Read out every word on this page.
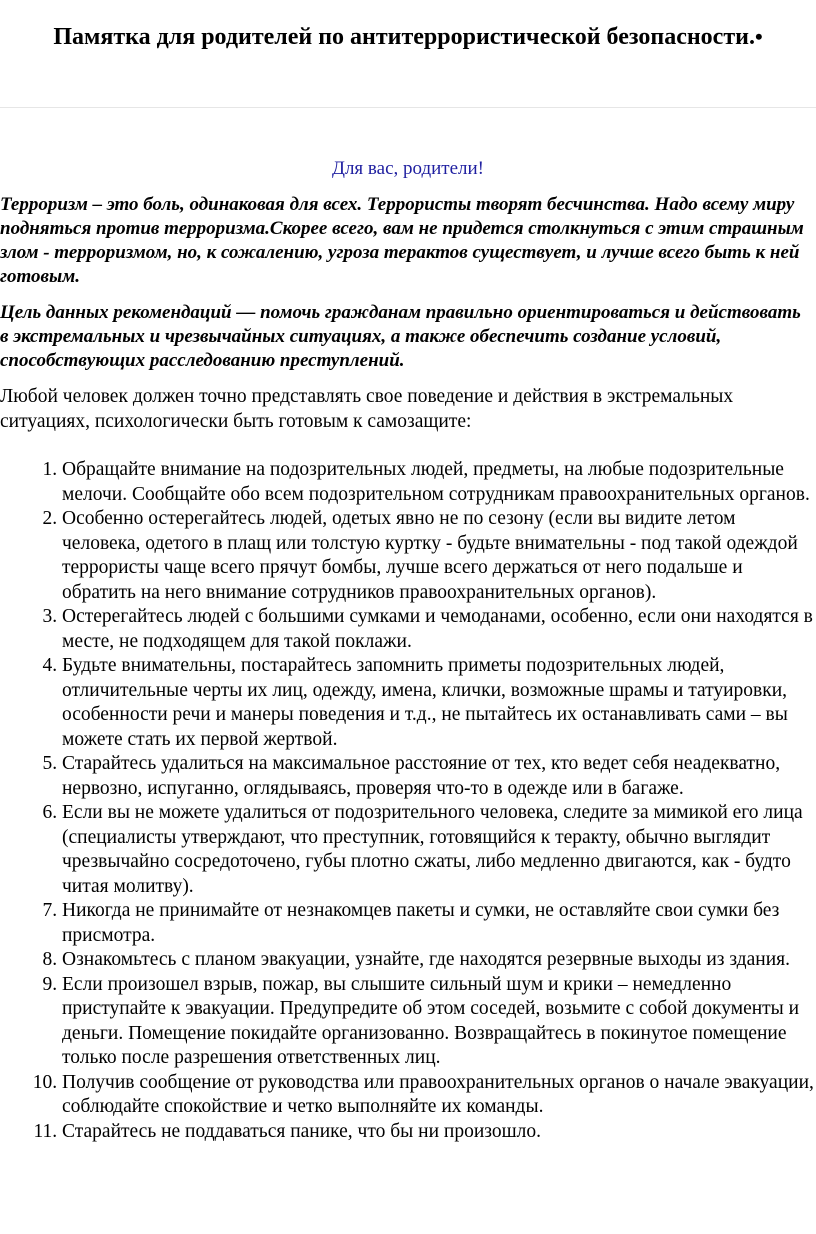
Памятка для родителей по антитеррористической безопасности.•

Для вас, родители!

Терроризм – это боль, одинаковая для всех. Террористы творят бесчинства. Надо всему миру подняться против терроризма.Скорее всего, вам не придется столкнуться с этим страшным злом - терроризмом, но, к сожалению, угроза терактов существует, и лучше всего быть к ней готовым.

Цель данных рекомендаций — помочь гражданам правильно ориентироваться и действовать в экстремальных и чрезвычайных ситуациях, а также обеспечить создание условий, способствующих расследованию преступлений.

Любой человек должен точно представлять свое поведение и действия в экстремальных ситуациях, психологически быть готовым к самозащите:

1. Обращайте внимание на подозрительных людей, предметы, на любые подозрительные мелочи. Сообщайте обо всем подозрительном сотрудникам правоохранительных органов.
2. Особенно остерегайтесь людей, одетых явно не по сезону (если вы видите летом человека, одетого в плащ или толстую куртку - будьте внимательны - под такой одеждой террористы чаще всего прячут бомбы, лучше всего держаться от него подальше и обратить на него внимание сотрудников правоохранительных органов).
3. Остерегайтесь людей с большими сумками и чемоданами, особенно, если они находятся в месте, не подходящем для такой поклажи.
4. Будьте внимательны, постарайтесь запомнить приметы подозрительных людей, отличительные черты их лиц, одежду, имена, клички, возможные шрамы и татуировки, особенности речи и манеры поведения и т.д., не пытайтесь их останавливать сами – вы можете стать их первой жертвой.
5. Старайтесь удалиться на максимальное расстояние от тех, кто ведет себя неадекватно, нервозно, испуганно, оглядываясь, проверяя что-то в одежде или в багаже.
6. Если вы не можете удалиться от подозрительного человека, следите за мимикой его лица (специалисты утверждают, что преступник, готовящийся к теракту, обычно выглядит чрезвычайно сосредоточено, губы плотно сжаты, либо медленно двигаются, как - будто читая молитву).
7. Никогда не принимайте от незнакомцев пакеты и сумки, не оставляйте свои сумки без присмотра.
8. Ознакомьтесь с планом эвакуации, узнайте, где находятся резервные выходы из здания.
9. Если произошел взрыв, пожар, вы слышите сильный шум и крики – немедленно приступайте к эвакуации. Предупредите об этом соседей, возьмите с собой документы и деньги. Помещение покидайте организованно. Возвращайтесь в покинутое помещение только после разрешения ответственных лиц.
10. Получив сообщение от руководства или правоохранительных органов о начале эвакуации, соблюдайте спокойствие и четко выполняйте их команды.
11. Старайтесь не поддаваться панике, что бы ни произошло.
